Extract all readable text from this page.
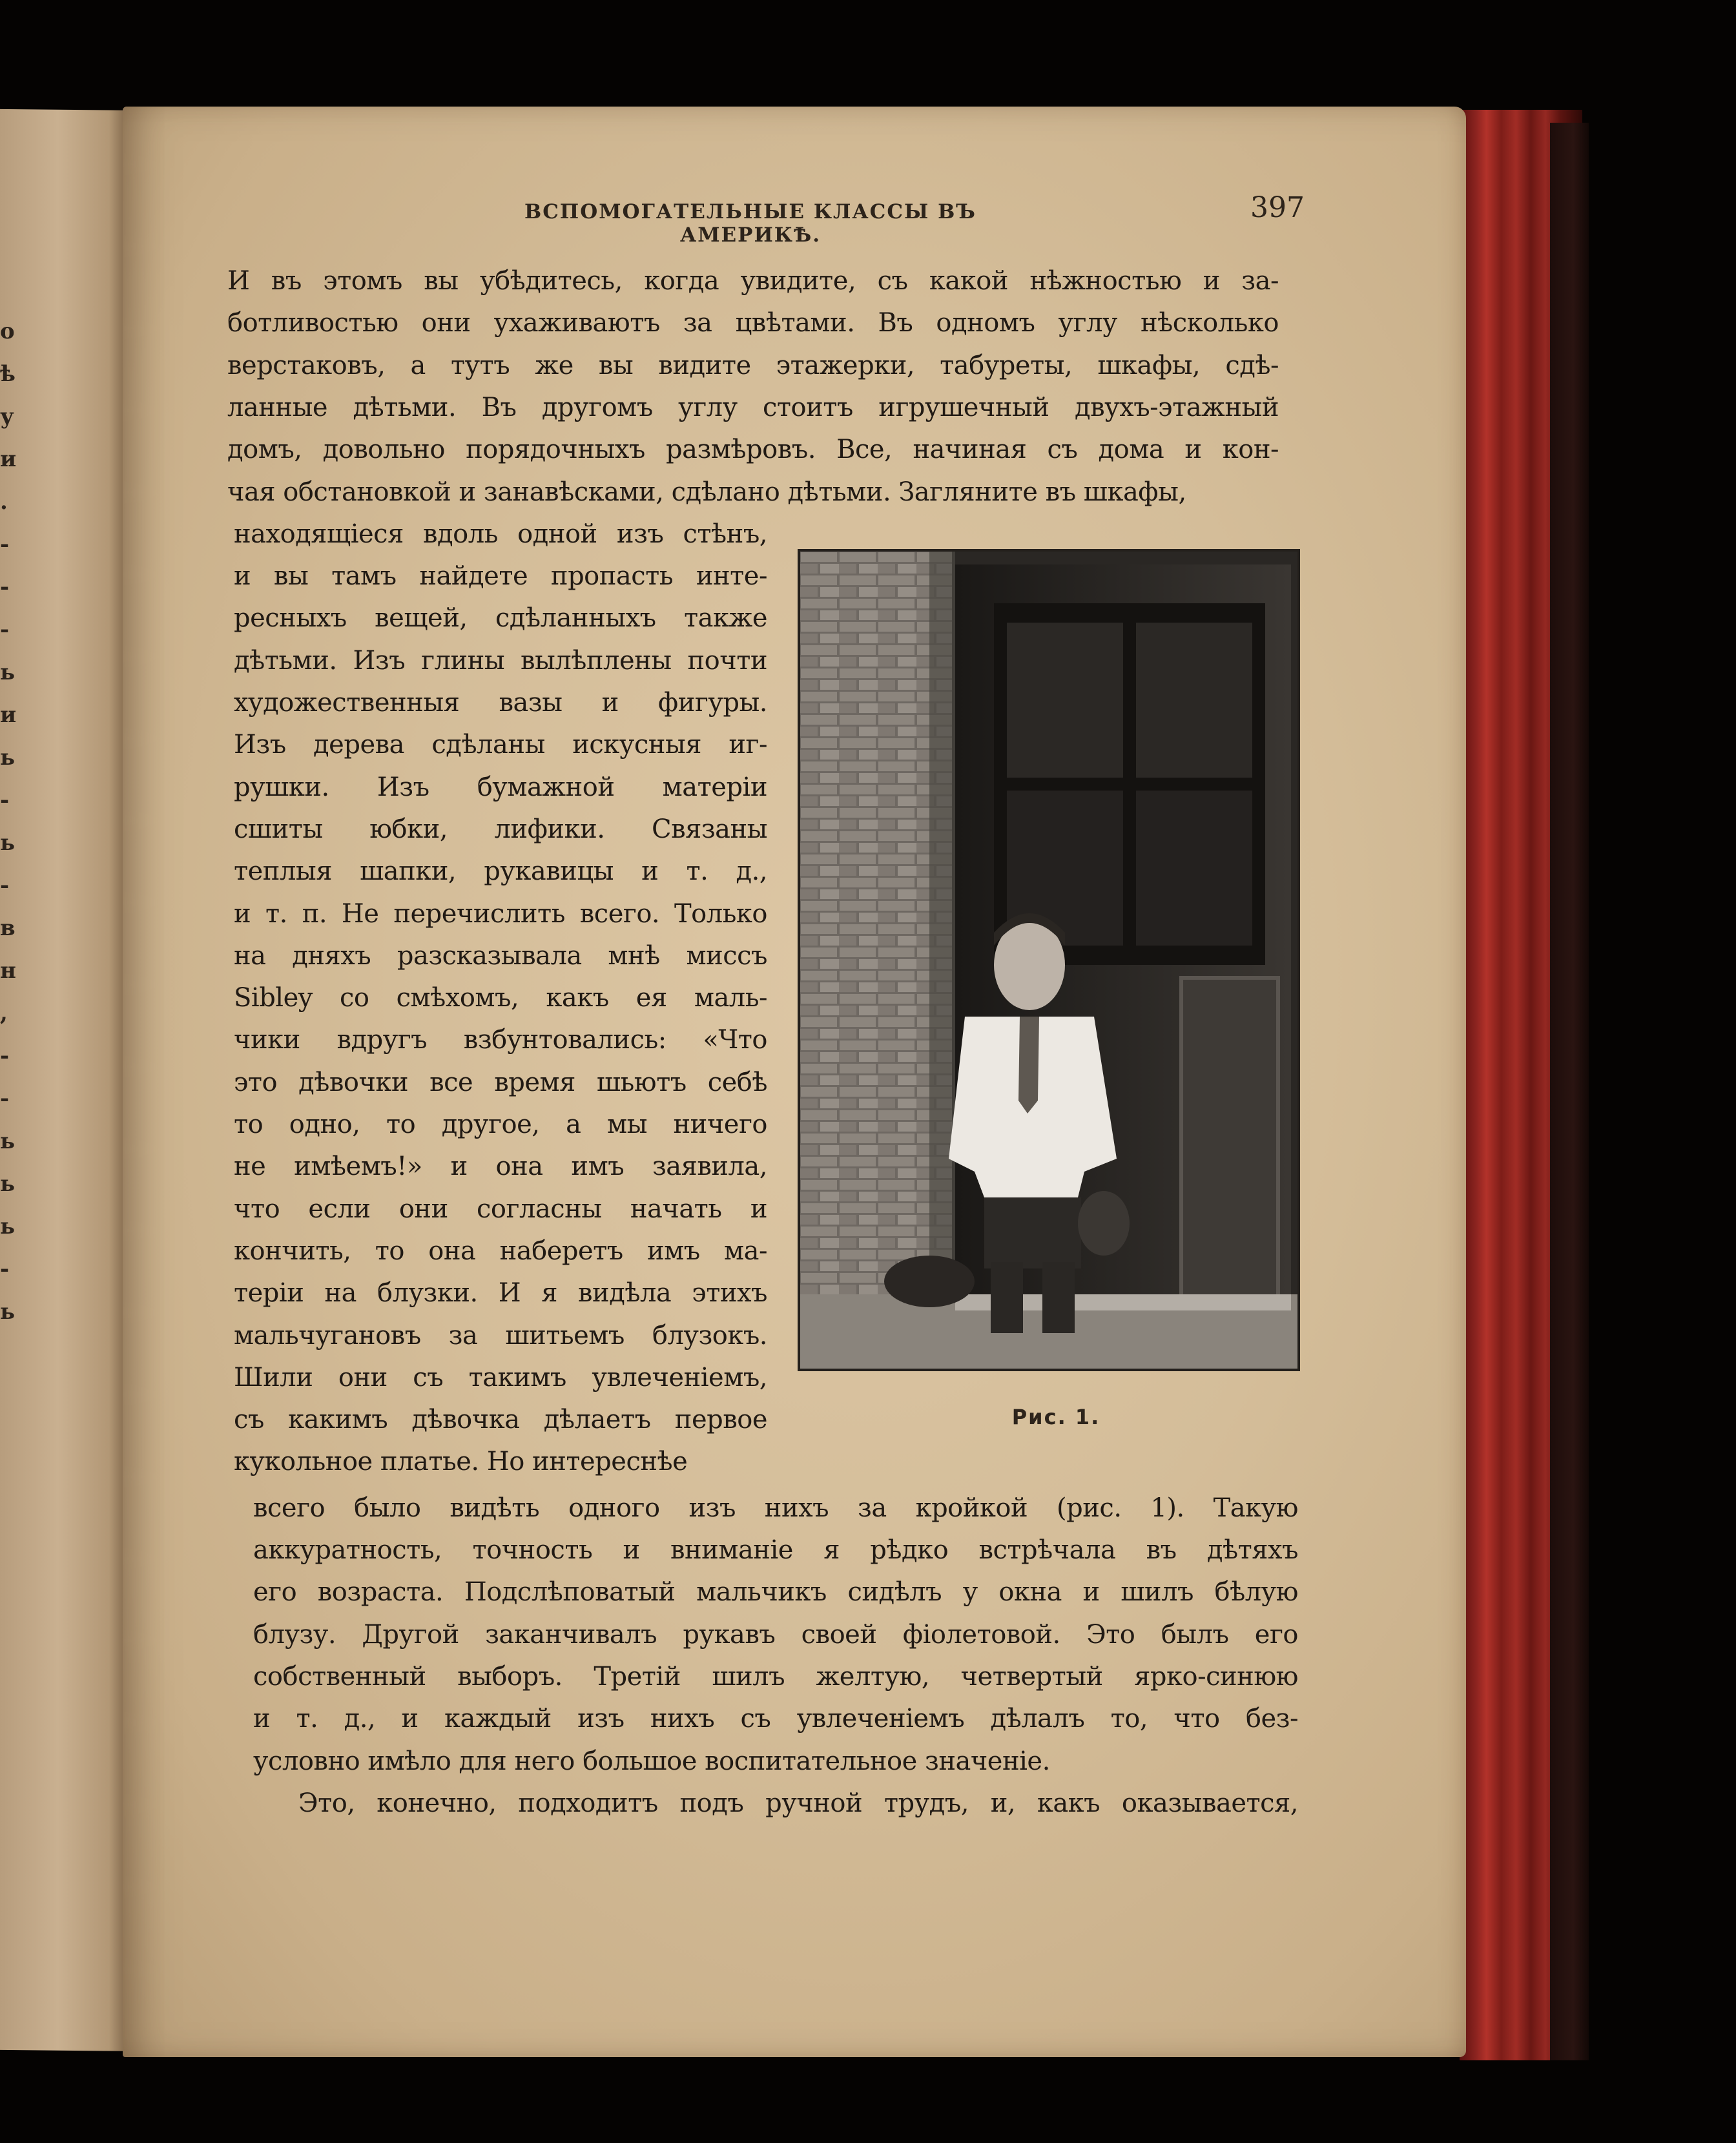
о
ѣ
у
и
.
-
-
-
ь
и
ь
-
ь
-
в
н
,
-
-
ь
ь
ь
-
ь
ВСПОМОГАТЕЛЬНЫЕ КЛАССЫ ВЪ АМЕРИКѢ.
397
И въ этомъ вы убѣдитесь, когда увидите, съ какой нѣжностью и за-
ботливостью они ухаживаютъ за цвѣтами. Въ одномъ углу нѣсколько
верстаковъ, а тутъ же вы видите этажерки, табуреты, шкафы, сдѣ-
ланные дѣтьми. Въ другомъ углу стоитъ игрушечный двухъ-этажный
домъ, довольно порядочныхъ размѣровъ. Все, начиная съ дома и кон-
чая обстановкой и занавѣсками, сдѣлано дѣтьми. Загляните въ шкафы,
находящіеся вдоль одной изъ стѣнъ,
и вы тамъ найдете пропасть инте-
ресныхъ вещей, сдѣланныхъ также
дѣтьми. Изъ глины вылѣплены почти
художественныя вазы и фигуры.
Изъ дерева сдѣланы искусныя иг-
рушки. Изъ бумажной матеріи
сшиты юбки, лифики. Связаны
теплыя шапки, рукавицы и т. д.,
и т. п. Не перечислить всего. Только
на дняхъ разсказывала мнѣ миссъ
Sibley со смѣхомъ, какъ ея маль-
чики вдругъ взбунтовались: «Что
это дѣвочки все время шьютъ себѣ
то одно, то другое, а мы ничего
не имѣемъ!» и она имъ заявила,
что если они согласны начать и
кончить, то она наберетъ имъ ма-
теріи на блузки. И я видѣла этихъ
мальчугановъ за шитьемъ блузокъ.
Шили они съ такимъ увлеченіемъ,
съ какимъ дѣвочка дѣлаетъ первое
кукольное платье. Но интереснѣе
всего было видѣть одного изъ нихъ за кройкой (рис. 1). Такую
аккуратность, точность и вниманіе я рѣдко встрѣчала въ дѣтяхъ
его возраста. Подслѣповатый мальчикъ сидѣлъ у окна и шилъ бѣлую
блузу. Другой заканчивалъ рукавъ своей фіолетовой. Это былъ его
собственный выборъ. Третій шилъ желтую, четвертый ярко-синюю
и т. д., и каждый изъ нихъ съ увлеченіемъ дѣлалъ то, что без-
условно имѣло для него большое воспитательное значеніе.
Это, конечно, подходитъ подъ ручной трудъ, и, какъ оказывается,
Рис. 1.
